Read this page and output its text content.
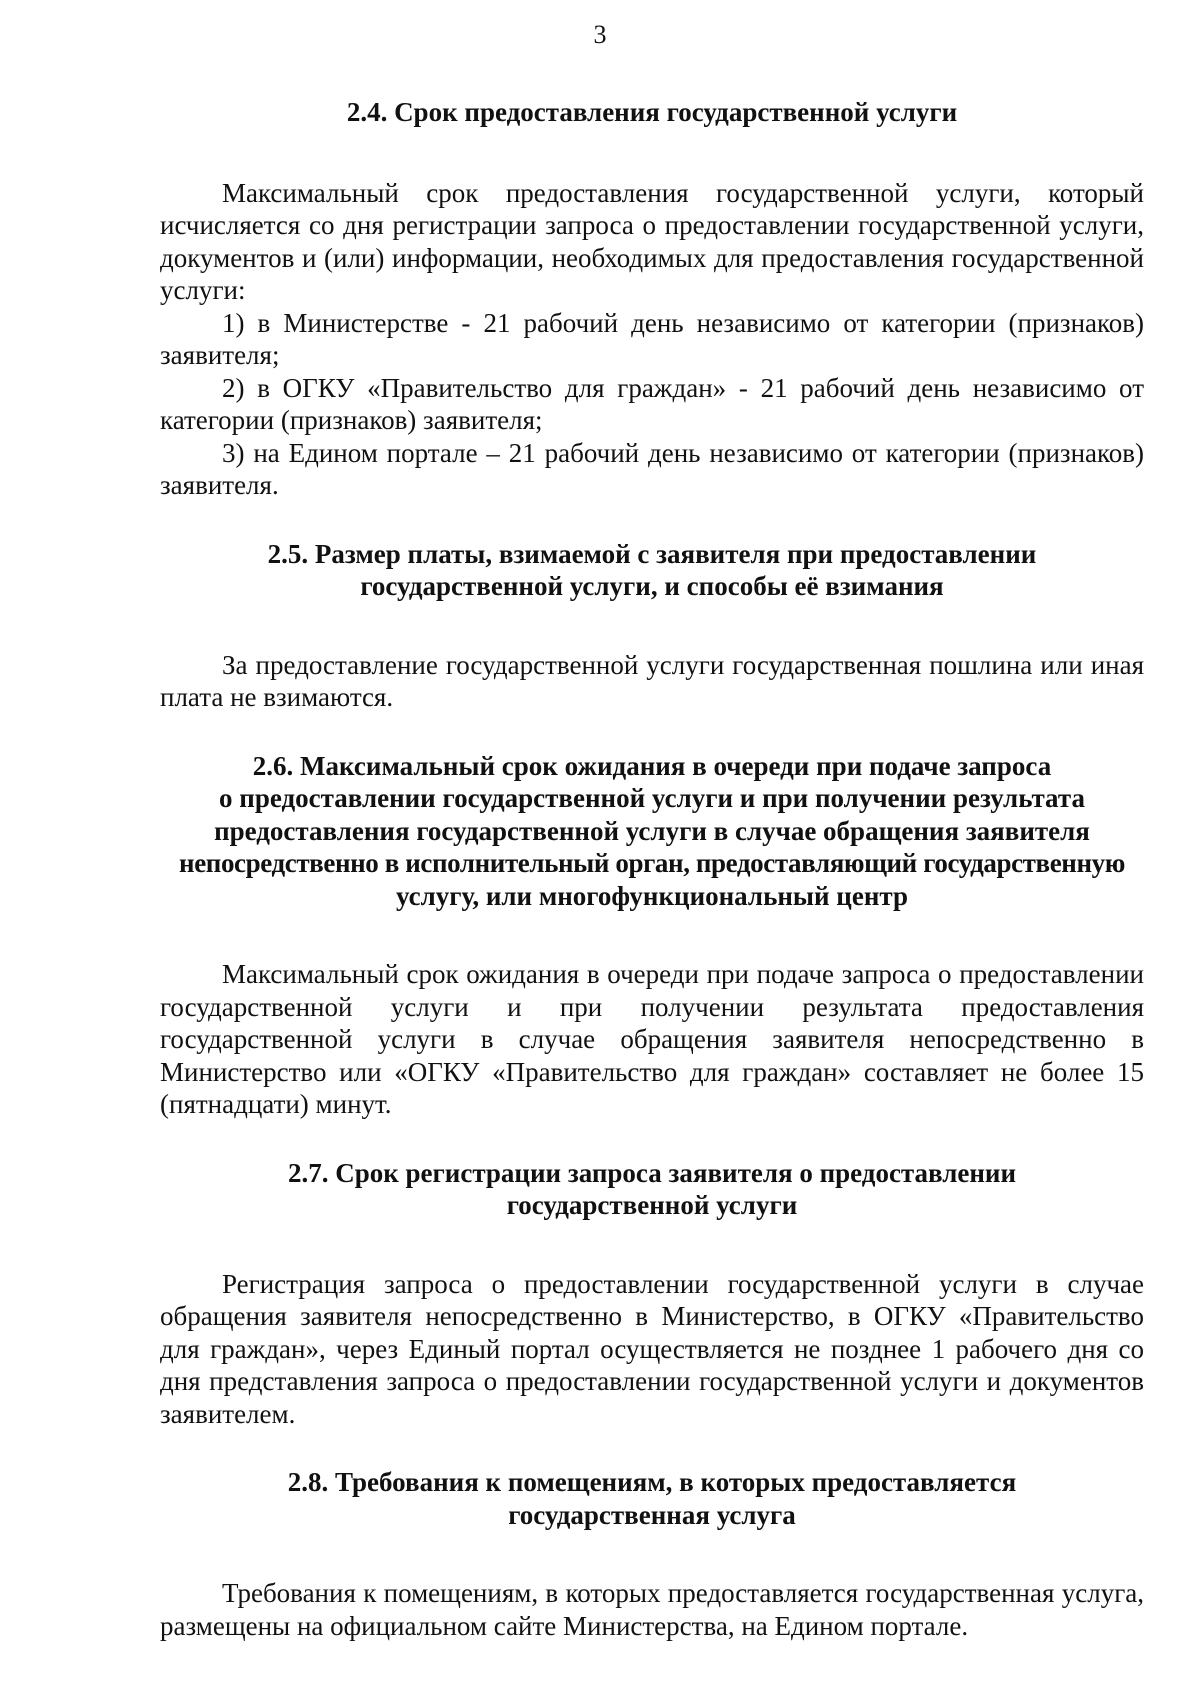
3

2.4. Срок предоставления государственной услуги

Максимальный срок предоставления государственной услуги, который исчисляется со дня регистрации запроса о предоставлении государственной услуги, документов и (или) информации, необходимых для предоставления государственной услуги:

1) в Министерстве - 21 рабочий день независимо от категории (признаков) заявителя;

2) в ОГКУ «Правительство для граждан» - 21 рабочий день независимо от категории (признаков) заявителя;

3) на Едином портале – 21 рабочий день независимо от категории (признаков) заявителя.

2.5. Размер платы, взимаемой с заявителя при предоставлении
государственной услуги, и способы её взимания

За предоставление государственной услуги государственная пошлина или иная плата не взимаются.

2.6. Максимальный срок ожидания в очереди при подаче запроса
о предоставлении государственной услуги и при получении результата
предоставления государственной услуги в случае обращения заявителя
непосредственно в исполнительный орган, предоставляющий государственную
услугу, или многофункциональный центр

Максимальный срок ожидания в очереди при подаче запроса о предоставлении государственной услуги и при получении результата предоставления государственной услуги в случае обращения заявителя непосредственно в Министерство или «ОГКУ «Правительство для граждан» составляет не более 15 (пятнадцати) минут.

2.7. Срок регистрации запроса заявителя о предоставлении
государственной услуги

Регистрация запроса о предоставлении государственной услуги в случае обращения заявителя непосредственно в Министерство, в ОГКУ «Правительство для граждан», через Единый портал осуществляется не позднее 1 рабочего дня со дня представления запроса о предоставлении государственной услуги и документов заявителем.

2.8. Требования к помещениям, в которых предоставляется
государственная услуга

Требования к помещениям, в которых предоставляется государственная услуга, размещены на официальном сайте Министерства, на Едином портале.
